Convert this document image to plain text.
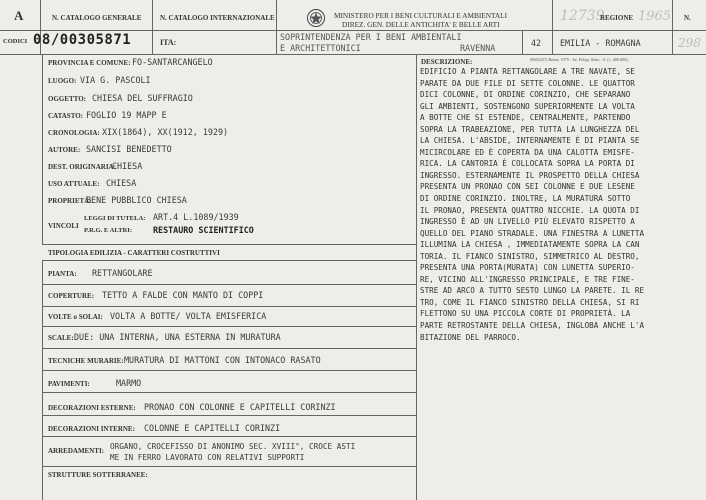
A	N. CATALOGO GENERALE	N. CATALOGO INTERNAZIONALE	MINISTERO PER I BENI CULTURALI E AMBIENTALI
DIREZ. GEN. DELLE ANTICHITA' E BELLE ARTI
12739
REGIONE 1965 N.
CODICI 08/00305871	ITA:
SOPRINTENDENZA PER I BENI AMBIENTALI
E ARCHITETTONICI	RAVENNA	42 EMILIA - ROMAGNA	298
PROVINCIA E COMUNE: FO-SANTARCANGELO
LUOGO: VIA G. PASCOLI
OGGETTO: CHIESA DEL SUFFRAGIO
CATASTO: FOGLIO 19 MAPP E
CRONOLOGIA: XIX(1864), XX(1912, 1929)
AUTORE: SANCISI BENEDETTO
DEST. ORIGINARIA:
CHIESA
USO ATTUALE: CHIESA
PROPRIETÀ:
BENE PUBBLICO CHIESA
VINCOLI
LEGGI DI TUTELA: ART.4 L.1089/1939
P.R.G. E ALTRI: RESTAURO SCIENTIFICO
TIPOLOGIA EDILIZIA - CARATTERI COSTRUTTIVI
PIANTA: RETTANGOLARE
COPERTURE: TETTO A FALDE CON MANTO DI COPPI
VOLTE o SOLAI: VOLTA A BOTTE/ VOLTA EMISFERICA
SCALE: DUE: UNA INTERNA, UNA ESTERNA IN MURATURA
TECNICHE MURARIE: MURATURA DI MATTONI CON INTONACO RASATO
PAVIMENTI:	MARMO
DECORAZIONI ESTERNE: PRONAO CON COLONNE E CAPITELLI CORINZI
DECORAZIONI INTERNE: COLONNE E CAPITELLI CORINZI
ARREDAMENTI: ORGANO, CROCEFISSO DI ANONIMO SEC. XVIII°, CROCE ASTI
ME IN FERRO LAVORATO CON RELATIVI SUPPORTI
STRUTTURE SOTTERRANEE:
DESCRIZIONE:	(8602237) Roma, 1975 - Ist. Poligr. Stato - S. (c. 400.000)
EDIFICIO A PIANTA RETTANGOLARE A TRE NAVATE, SE
PARATE DA DUE FILE DI SETTE COLONNE. LE QUATTOR
DICI COLONNE, DI ORDINE CORINZIO, CHE SEPARANO
GLI AMBIENTI, SOSTENGONO SUPERIORMENTE LA VOLTA
A BOTTE CHE SI ESTENDE, CENTRALMENTE, PARTENDO
SOPRA LA TRABEAZIONE, PER TUTTA LA LUNGHEZZA DEL
LA CHIESA. L'ABSIDE, INTERNAMENTE È DI PIANTA SE
MICIRCOLARE ED È COPERTA DA UNA CALOTTA EMISFE-
RICA. LA CANTORIA È COLLOCATA SOPRA LA PORTA DI
INGRESSO. ESTERNAMENTE IL PROSPETTO DELLA CHIESA
PRESENTA UN PRONAO CON SEI COLONNE E DUE LESENE
DI ORDINE CORINZIO. INOLTRE, LA MURATURA SOTTO
IL PRONAO, PRESENTA QUATTRO NICCHIE. LA QUOTA DI
INGRESSO È AD UN LIVELLO PIÙ ELEVATO RISPETTO A
QUELLO DEL PIANO STRADALE. UNA FINESTRA A LUNETTA
ILLUMINA LA CHIESA , IMMEDIATAMENTE SOPRA LA CAN
TORIA. IL FIANCO SINISTRO, SIMMETRICO AL DESTRO,
PRESENTA UNA PORTA(MURATA) CON LUNETTA SUPERIO-
RE, VICINO ALL'INGRESSO PRINCIPALE, E TRE FINE-
STRE AD ARCO A TUTTO SESTO LUNGO LA PARETE. IL RE
TRO, COME IL FIANCO SINISTRO DELLA CHIESA, SI RI
FLETTONO SU UNA PICCOLA CORTE DI PROPRIETÀ. LA
PARTE RETROSTANTE DELLA CHIESA, INGLOBA ANCHE L'A
BITAZIONE DEL PARROCO.
